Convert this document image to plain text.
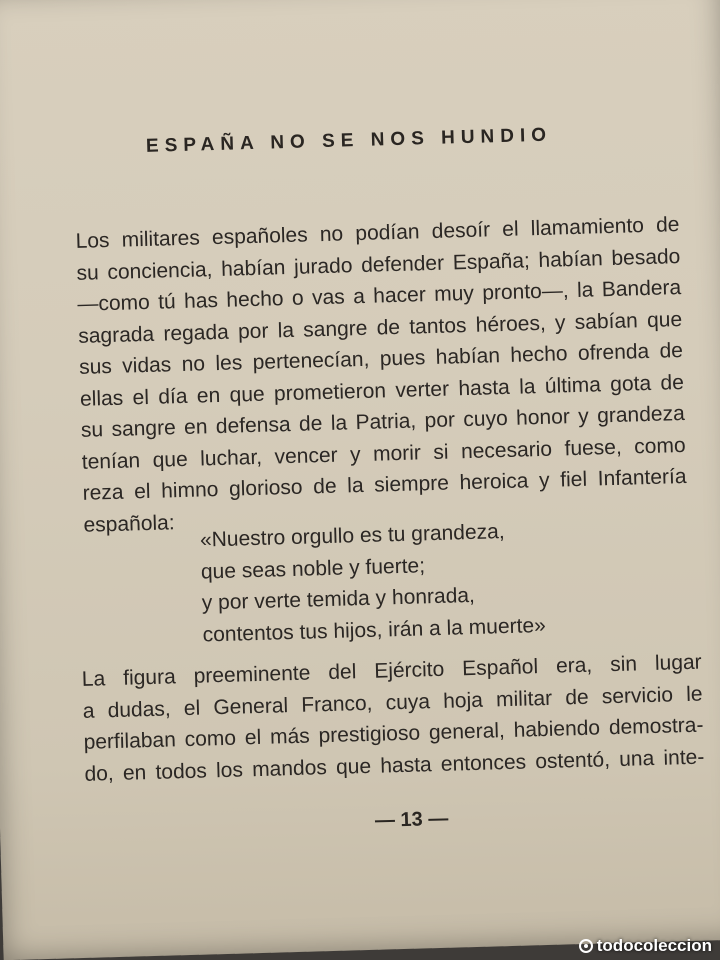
ESPAÑA NO SE NOS HUNDIO
Los militares españoles no podían desoír el llamamiento de
su conciencia, habían jurado defender España; habían besado
—como tú has hecho o vas a hacer muy pronto—, la Bandera
sagrada regada por la sangre de tantos héroes, y sabían que
sus vidas no les pertenecían, pues habían hecho ofrenda de
ellas el día en que prometieron verter hasta la última gota de
su sangre en defensa de la Patria, por cuyo honor y grandeza
tenían que luchar, vencer y morir si necesario fuese, como
reza el himno glorioso de la siempre heroica y fiel Infantería
española:	«Nuestro orgullo es tu grandeza,
que seas noble y fuerte;
y por verte temida y honrada,
contentos tus hijos, irán a la muerte»
La figura preeminente del Ejército Español era, sin lugar
a dudas, el General Franco, cuya hoja militar de servicio le
perfilaban como el más prestigioso general, habiendo demostra-
do, en todos los mandos que hasta entonces ostentó, una inte-
— 13 —
todocoleccion
